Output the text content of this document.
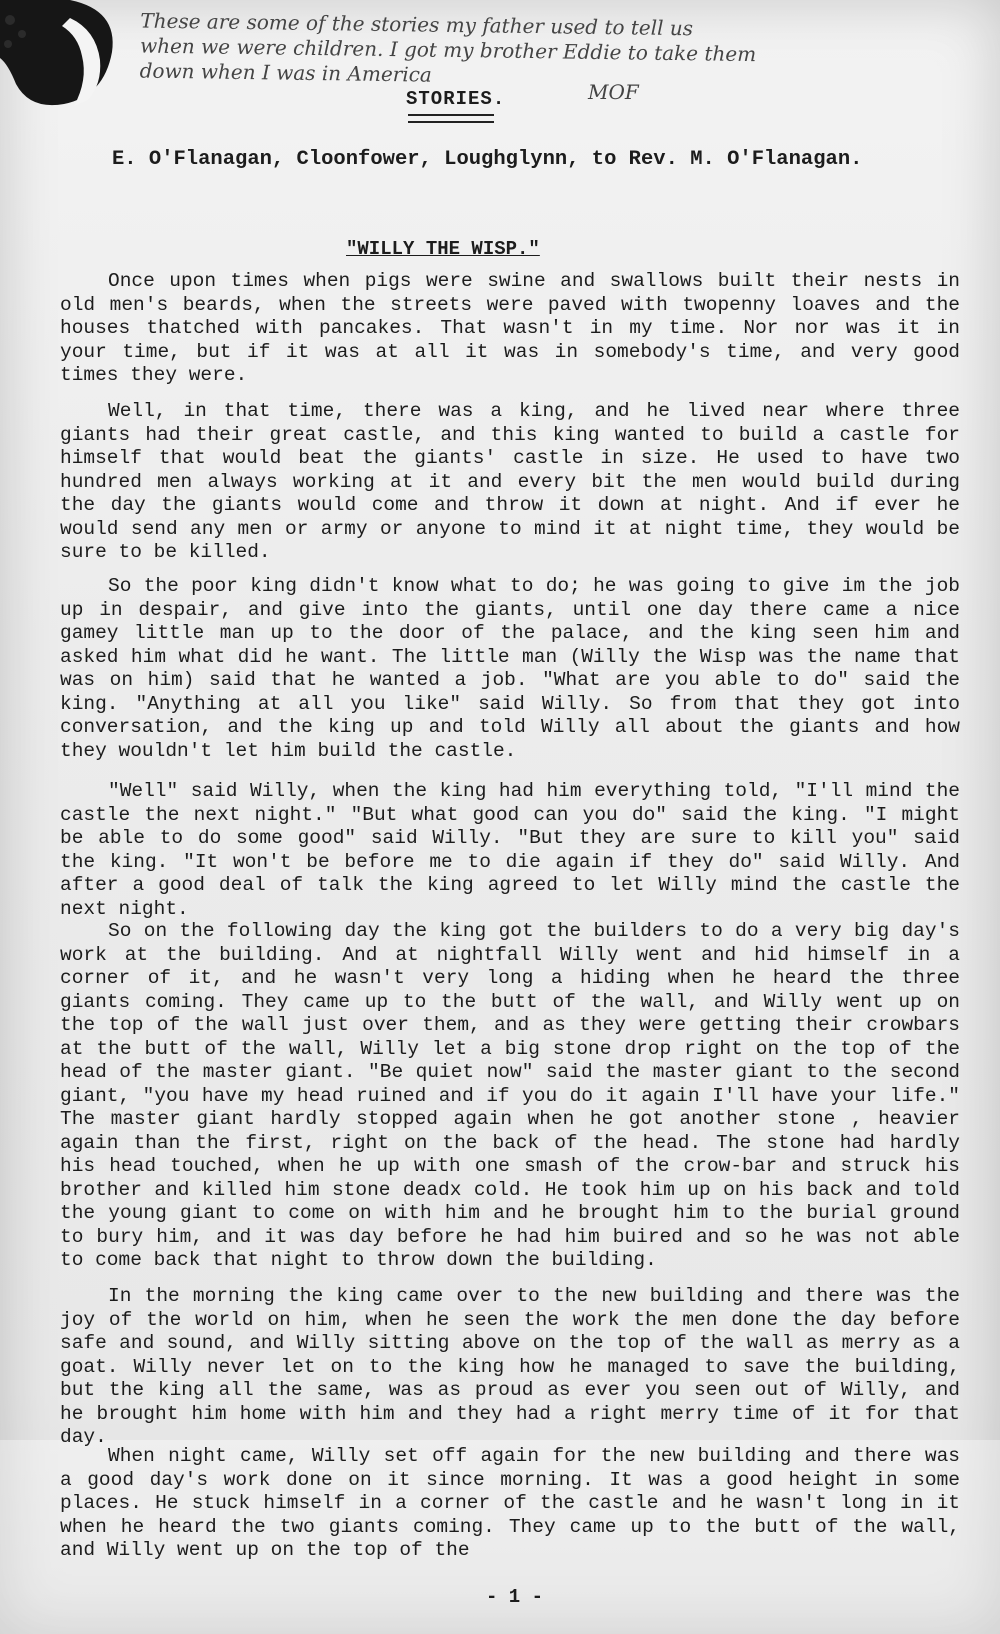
These are some of the stories my father used to tell us
when we were children. I got my brother Eddie to take them
down when I was in America
MOF
STORIES.
E. O'Flanagan, Cloonfower, Loughglynn, to Rev. M. O'Flanagan.
"WILLY THE WISP."

Once upon times when pigs were swine and swallows built their nests in old men's beards, when the streets were paved with twopenny loaves and the houses thatched with pancakes. That wasn't in my time. Nor nor was it in your time, but if it was at all it was in somebody's time, and very good times they were.

Well, in that time, there was a king, and he lived near where three giants had their great castle, and this king wanted to build a castle for himself that would beat the giants' castle in size. He used to have two hundred men always working at it and every bit the men would build during the day the giants would come and throw it down at night. And if ever he would send any men or army or anyone to mind it at night time, they would be sure to be killed.

So the poor king didn't know what to do; he was going to give im the job up in despair, and give into the giants, until one day there came a nice gamey little man up to the door of the palace, and the king seen him and asked him what did he want. The little man (Willy the Wisp was the name that was on him) said that he wanted a job. "What are you able to do" said the king. "Anything at all you like" said Willy. So from that they got into conversation, and the king up and told Willy all about the giants and how they wouldn't let him build the castle.

"Well" said Willy, when the king had him everything told, "I'll mind the castle the next night." "But what good can you do" said the king. "I might be able to do some good" said Willy. "But they are sure to kill you" said the king. "It won't be before me to die again if they do" said Willy. And after a good deal of talk the king agreed to let Willy mind the castle the next night.

So on the following day the king got the builders to do a very big day's work at the building. And at nightfall Willy went and hid himself in a corner of it, and he wasn't very long a hiding when he heard the three giants coming. They came up to the butt of the wall, and Willy went up on the top of the wall just over them, and as they were getting their crowbars at the butt of the wall, Willy let a big stone drop right on the top of the head of the master giant. "Be quiet now" said the master giant to the second giant, "you have my head ruined and if you do it again I'll have your life." The master giant hardly stopped again when he got another stone , heavier again than the first, right on the back of the head. The stone had hardly his head touched, when he up with one smash of the crow-bar and struck his brother and killed him stone deadx cold. He took him up on his back and told the young giant to come on with him and he brought him to the burial ground to bury him, and it was day before he had him buired and so he was not able to come back that night to throw down the building.

In the morning the king came over to the new building and there was the joy of the world on him, when he seen the work the men done the day before safe and sound, and Willy sitting above on the top of the wall as merry as a goat. Willy never let on to the king how he managed to save the building, but the king all the same, was as proud as ever you seen out of Willy, and he brought him home with him and they had a right merry time of it for that day.

When night came, Willy set off again for the new building and there was a good day's work done on it since morning. It was a good height in some places. He stuck himself in a corner of the castle and he wasn't long in it when he heard the two giants coming. They came up to the butt of the wall, and Willy went up on the top of the

- 1 -
